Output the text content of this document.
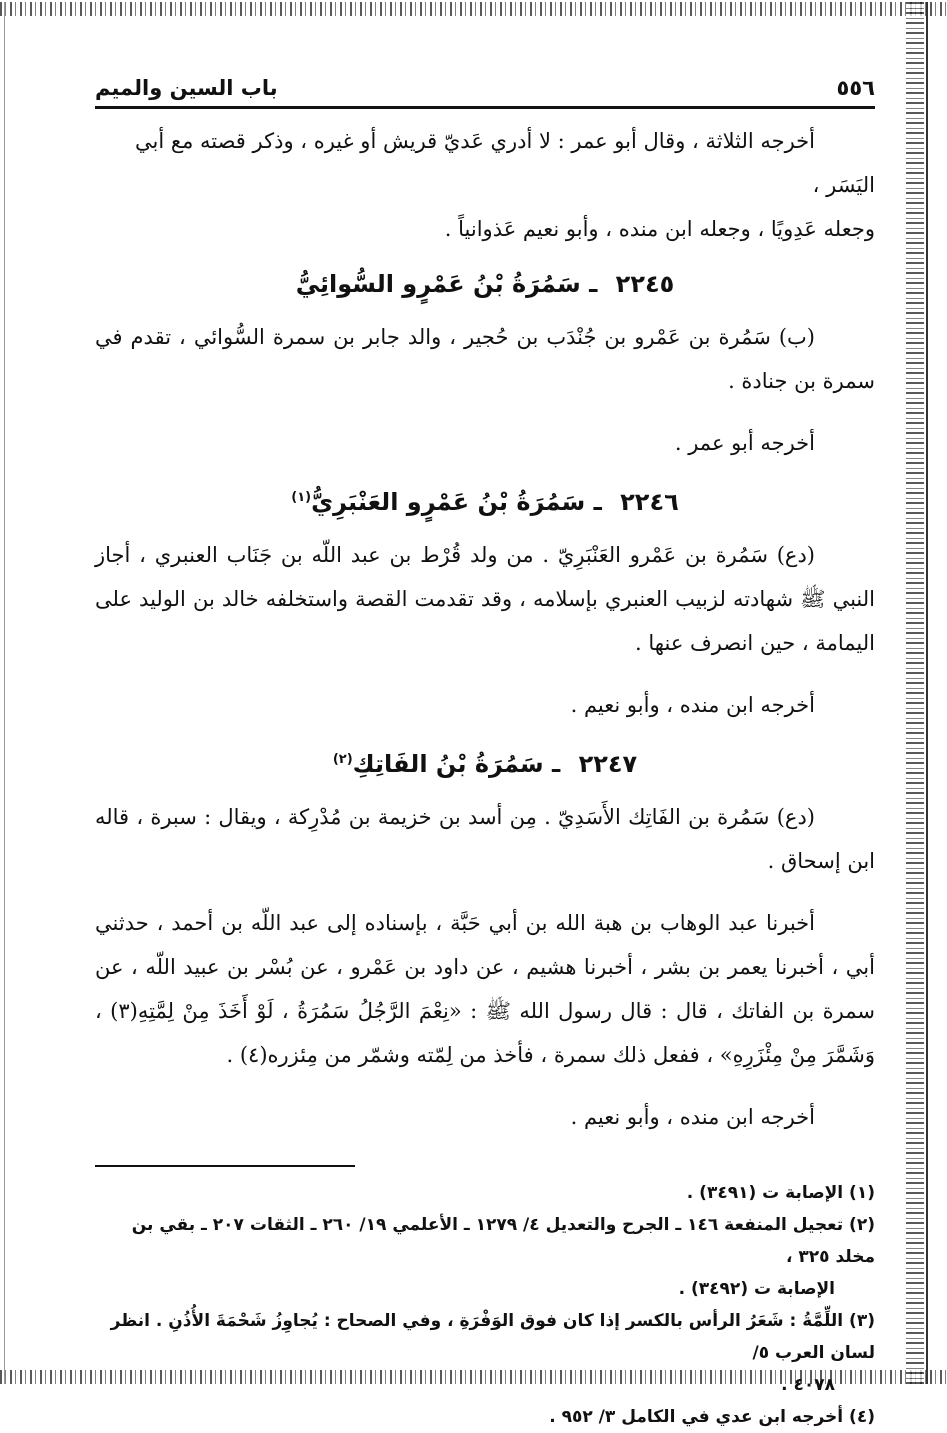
٥٥٦
باب السين والميم

أخرجه الثلاثة ، وقال أبو عمر : لا أدري عَديّ قريش أو غيره ، وذكر قصته مع أبي اليَسَر ،

وجعله عَدِويًا ، وجعله ابن منده ، وأبو نعيم عَذوانياً .

٢٢٤٥ ـ سَمُرَةُ بْنُ عَمْرٍو السُّوائِيُّ

(ب) سَمُرة بن عَمْرو بن جُنْدَب بن حُجير ، والد جابر بن سمرة السُّوائي ، تقدم في سمرة بن جنادة .

أخرجه أبو عمر .

٢٢٤٦ ـ سَمُرَةُ بْنُ عَمْرٍو العَنْبَرِيُّ$^{(١)}$

(دع) سَمُرة بن عَمْرو العَنْبَرِيّ . من ولد قُرْط بن عبد اللّه بن جَنَاب العنبري ، أجاز النبي ﷺ شهادته لزبيب العنبري بإسلامه ، وقد تقدمت القصة واستخلفه خالد بن الوليد على اليمامة ، حين انصرف عنها .

أخرجه ابن منده ، وأبو نعيم .

٢٢٤٧ ـ سَمُرَةُ بْنُ الفَاتِكِ$^{(٢)}$

(دع) سَمُرة بن الفَاتِك الأَسَدِيّ . مِن أسد بن خزيمة بن مُدْرِكة ، ويقال : سبرة ، قاله ابن إسحاق .

أخبرنا عبد الوهاب بن هبة الله بن أبي حَبَّة ، بإسناده إلى عبد اللّه بن أحمد ، حدثني أبي ، أخبرنا يعمر بن بشر ، أخبرنا هشيم ، عن داود بن عَمْرو ، عن بُسْر بن عبيد اللّه ، عن سمرة بن الفاتك ، قال : قال رسول الله ﷺ : «نِعْمَ الرَّجُلُ سَمُرَةُ ، لَوْ أَخَذَ مِنْ لِمَّتِهِ(٣) ، وَشَمَّرَ مِنْ مِئْزَرِهِ» ، ففعل ذلك سمرة ، فأخذ من لِمّته وشمّر من مِئزره(٤) .

أخرجه ابن منده ، وأبو نعيم .

(١) الإصابة ت (٣٤٩١) .

(٢) تعجيل المنفعة ١٤٦ ـ الجرح والتعديل ٤/ ١٢٧٩ ـ الأعلمي ١٩/ ٢٦٠ ـ الثقات ٢٠٧ ـ بقي بن مخلد ٣٢٥ ،
الإصابة ت (٣٤٩٢) .

(٣) اللِّمَّةُ : شَعَرُ الرأس بالكسر إذا كان فوق الوَفْرَةِ ، وفي الصحاح : يُجاوِزُ شَحْمَةَ الأُذُنِ . انظر لسان العرب ٥/
٤٠٧٨ .

(٤) أخرجه ابن عدي في الكامل ٣/ ٩٥٢ .
